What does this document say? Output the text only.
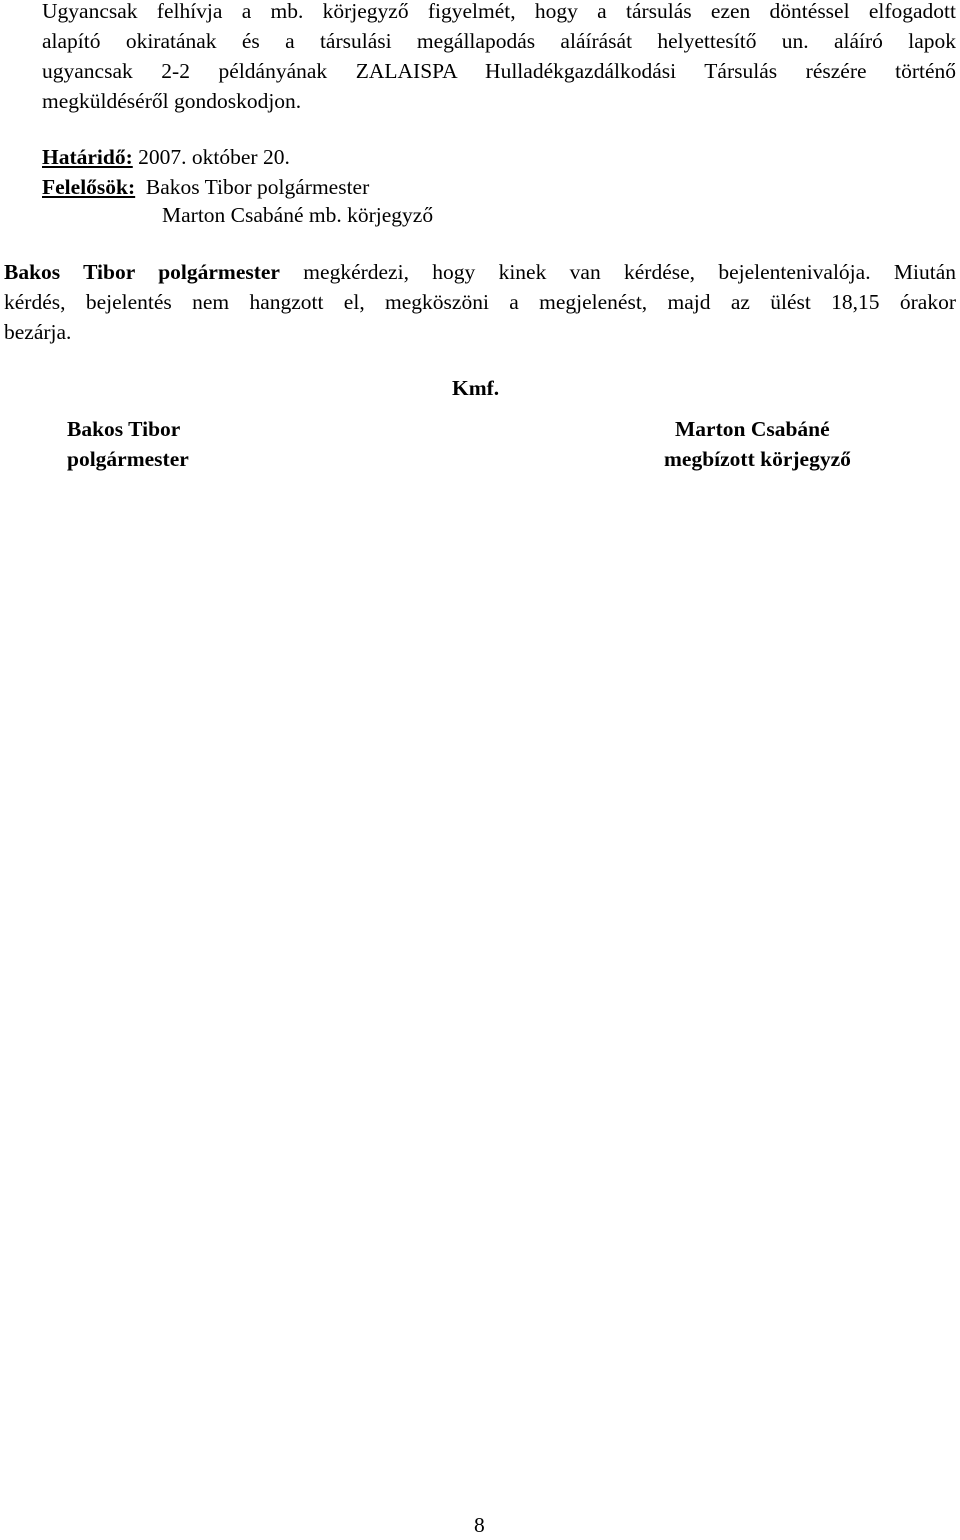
Ugyancsak felhívja a mb. körjegyző figyelmét, hogy a társulás ezen döntéssel elfogadott
alapító okiratának és a társulási megállapodás aláírását helyettesítő un. aláíró lapok
ugyancsak 2-2 példányának ZALAISPA Hulladékgazdálkodási Társulás részére történő
megküldéséről gondoskodjon.
Határidő: 2007. október 20.
Felelősök:  Bakos Tibor polgármester
Marton Csabáné mb. körjegyző
Bakos Tibor polgármester megkérdezi, hogy kinek van kérdése, bejelentenivalója. Miután
kérdés, bejelentés nem hangzott el, megköszöni a megjelenést, majd az ülést 18,15 órakor
bezárja.
Kmf.
Bakos Tibor
polgármester
Marton Csabáné
megbízott körjegyző
8
